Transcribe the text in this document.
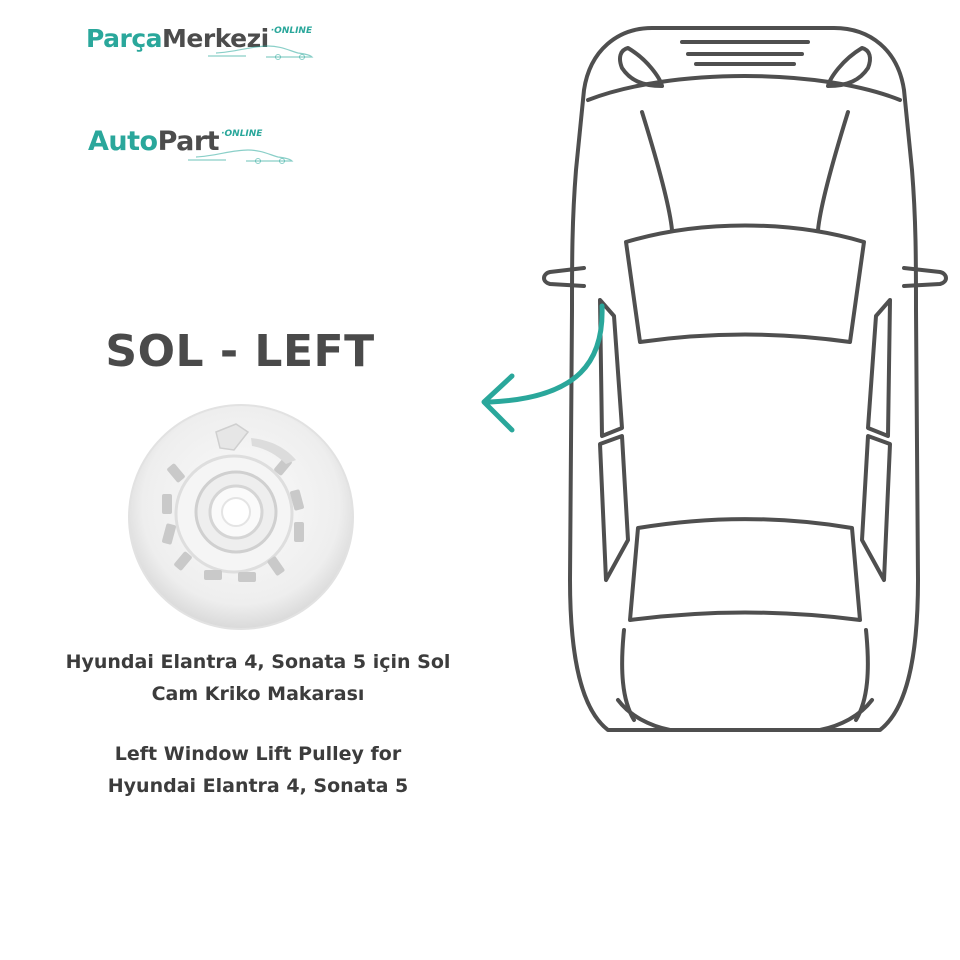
ParçaMerkezi $^{\cdot ONLINE}$
AutoPart $^{\cdot ONLINE}$
SOL - LEFT
Hyundai Elantra 4, Sonata 5 için Sol
Cam Kriko Makarası
Left Window Lift Pulley for
Hyundai Elantra 4, Sonata 5
